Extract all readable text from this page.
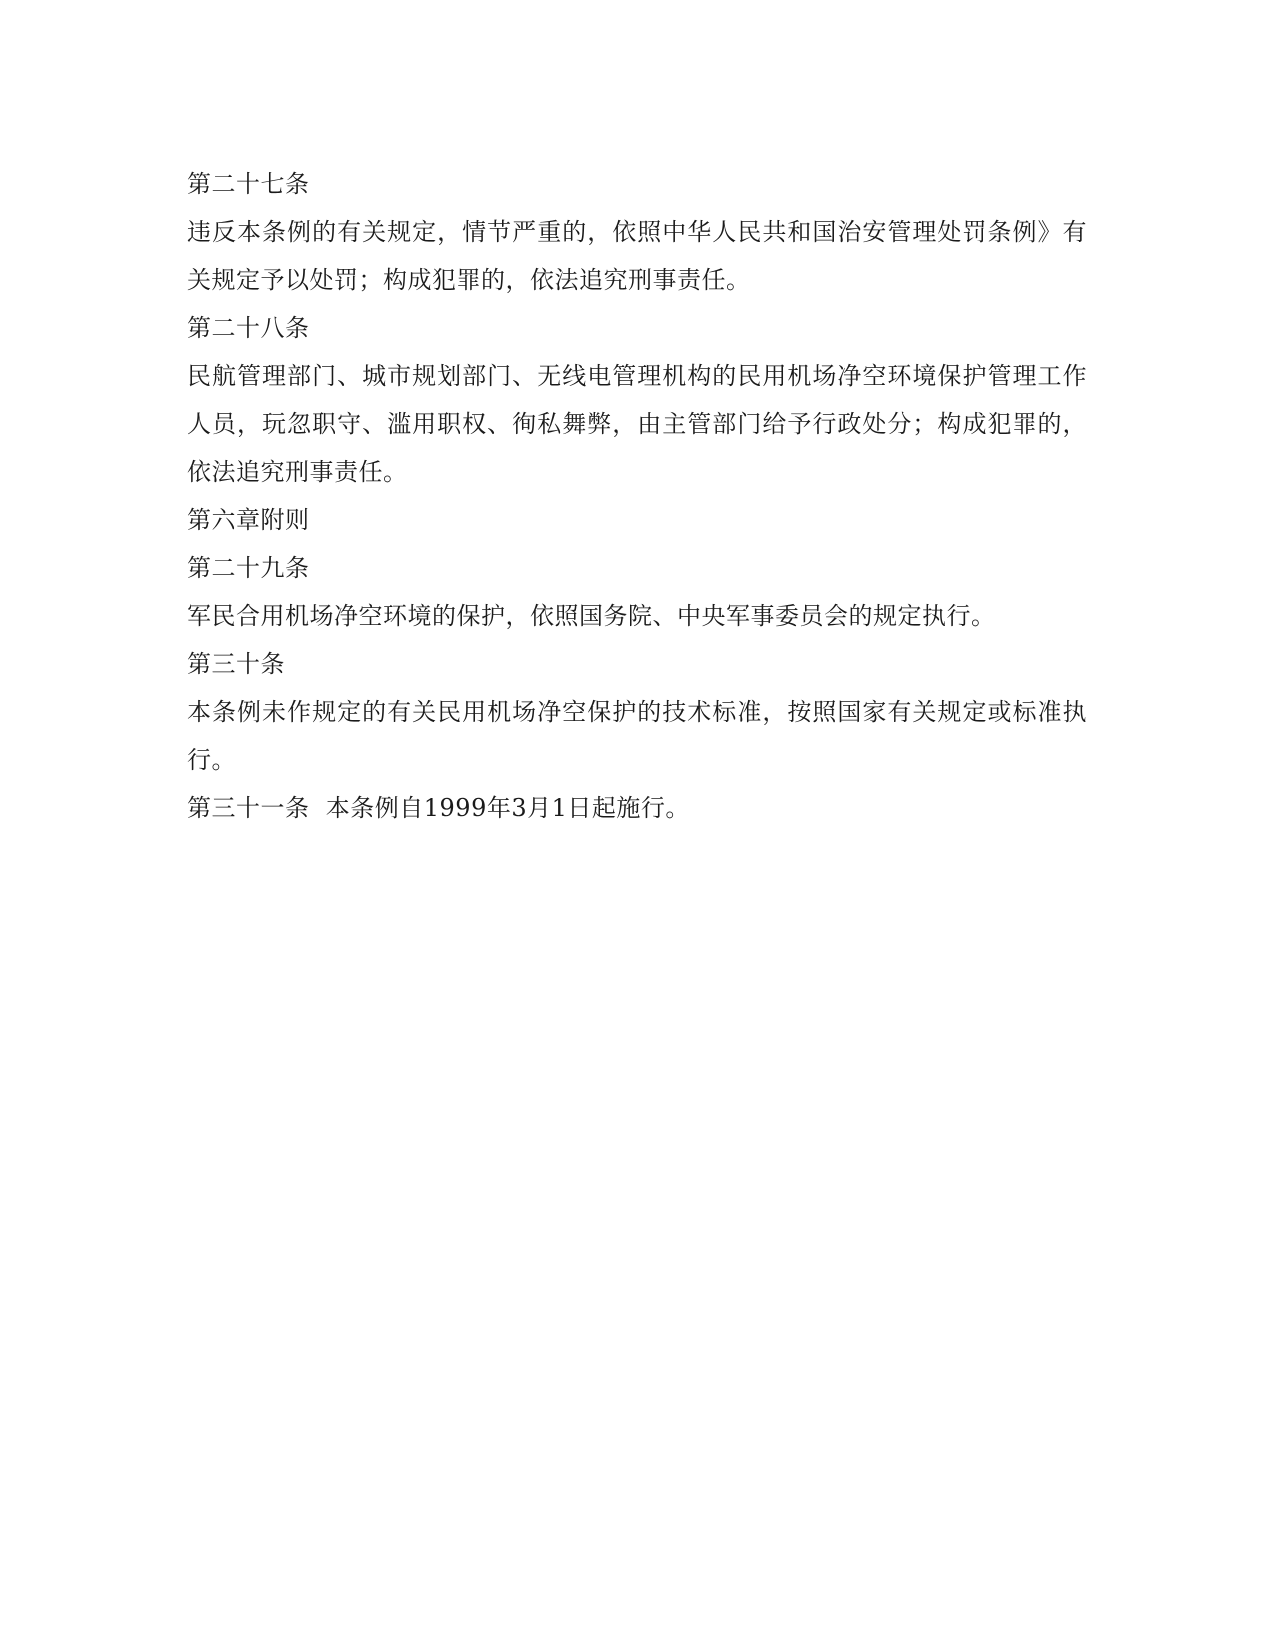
第二十七条
违反本条例的有关规定，情节严重的，依照中华人民共和国治安管理处罚条例》有
关规定予以处罚；构成犯罪的，依法追究刑事责任。
第二十八条
民航管理部门、城市规划部门、无线电管理机构的民用机场净空环境保护管理工作
人员，玩忽职守、滥用职权、徇私舞弊，由主管部门给予行政处分；构成犯罪的，
依法追究刑事责任。
第六章附则
第二十九条
军民合用机场净空环境的保护，依照国务院、中央军事委员会的规定执行。
第三十条
本条例未作规定的有关民用机场净空保护的技术标准，按照国家有关规定或标准执
行。
第三十一条  本条例自1999年3月1日起施行。
